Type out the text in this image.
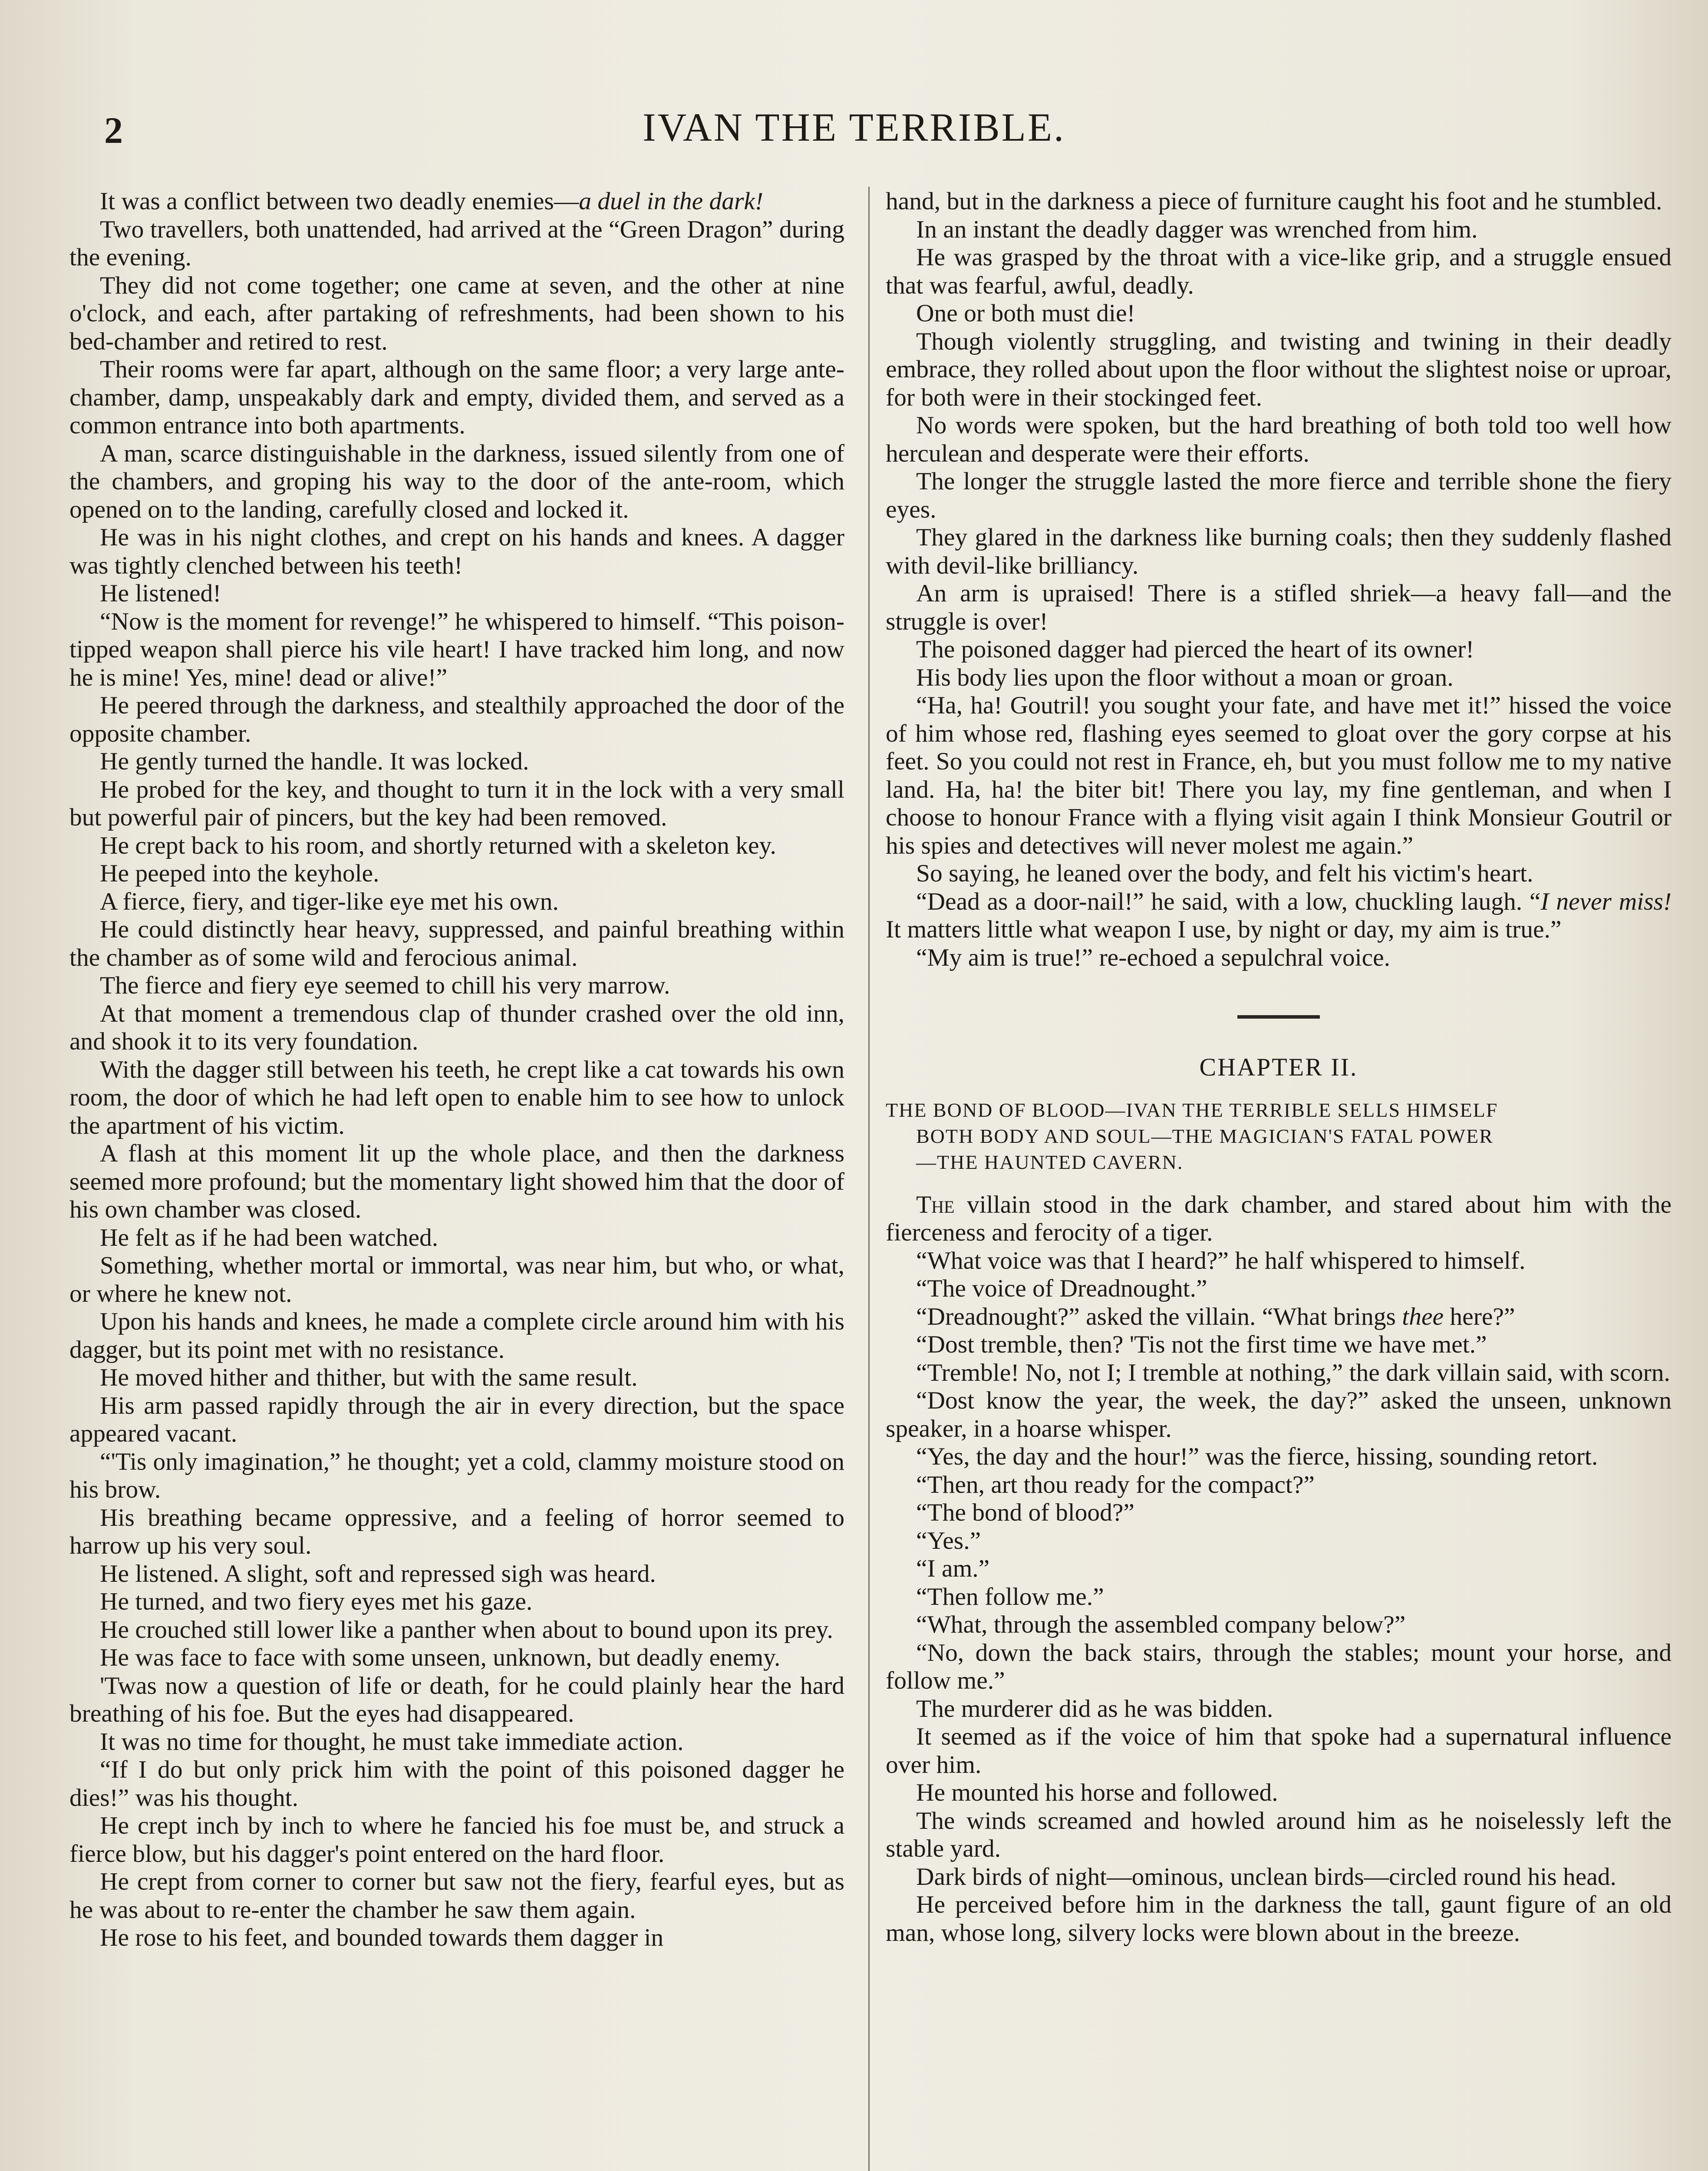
2	IVAN THE TERRIBLE.

It was a conflict between two deadly enemies—a duel in the dark!

Two travellers, both unattended, had arrived at the “Green Dragon” during the evening.

They did not come together; one came at seven, and the other at nine o'clock, and each, after partaking of refreshments, had been shown to his bed-chamber and retired to rest.

Their rooms were far apart, although on the same floor; a very large ante-chamber, damp, unspeakably dark and empty, divided them, and served as a common entrance into both apartments.

A man, scarce distinguishable in the darkness, issued silently from one of the chambers, and groping his way to the door of the ante-room, which opened on to the landing, carefully closed and locked it.

He was in his night clothes, and crept on his hands and knees. A dagger was tightly clenched between his teeth!

He listened!

“Now is the moment for revenge!” he whispered to himself. “This poison-tipped weapon shall pierce his vile heart! I have tracked him long, and now he is mine! Yes, mine! dead or alive!”

He peered through the darkness, and stealthily approached the door of the opposite chamber.

He gently turned the handle. It was locked.

He probed for the key, and thought to turn it in the lock with a very small but powerful pair of pincers, but the key had been removed.

He crept back to his room, and shortly returned with a skeleton key.

He peeped into the keyhole.

A fierce, fiery, and tiger-like eye met his own.

He could distinctly hear heavy, suppressed, and painful breathing within the chamber as of some wild and ferocious animal.

The fierce and fiery eye seemed to chill his very marrow.

At that moment a tremendous clap of thunder crashed over the old inn, and shook it to its very foundation.

With the dagger still between his teeth, he crept like a cat towards his own room, the door of which he had left open to enable him to see how to unlock the apartment of his victim.

A flash at this moment lit up the whole place, and then the darkness seemed more profound; but the momentary light showed him that the door of his own chamber was closed.

He felt as if he had been watched.

Something, whether mortal or immortal, was near him, but who, or what, or where he knew not.

Upon his hands and knees, he made a complete circle around him with his dagger, but its point met with no resistance.

He moved hither and thither, but with the same result.

His arm passed rapidly through the air in every direction, but the space appeared vacant.

“'Tis only imagination,” he thought; yet a cold, clammy moisture stood on his brow.

His breathing became oppressive, and a feeling of horror seemed to harrow up his very soul.

He listened. A slight, soft and repressed sigh was heard.

He turned, and two fiery eyes met his gaze.

He crouched still lower like a panther when about to bound upon its prey.

He was face to face with some unseen, unknown, but deadly enemy.

'Twas now a question of life or death, for he could plainly hear the hard breathing of his foe. But the eyes had disappeared.

It was no time for thought, he must take immediate action.

“If I do but only prick him with the point of this poisoned dagger he dies!” was his thought.

He crept inch by inch to where he fancied his foe must be, and struck a fierce blow, but his dagger's point entered on the hard floor.

He crept from corner to corner but saw not the fiery, fearful eyes, but as he was about to re-enter the chamber he saw them again.

He rose to his feet, and bounded towards them dagger in

hand, but in the darkness a piece of furniture caught his foot and he stumbled.

In an instant the deadly dagger was wrenched from him.

He was grasped by the throat with a vice-like grip, and a struggle ensued that was fearful, awful, deadly.

One or both must die!

Though violently struggling, and twisting and twining in their deadly embrace, they rolled about upon the floor without the slightest noise or uproar, for both were in their stockinged feet.

No words were spoken, but the hard breathing of both told too well how herculean and desperate were their efforts.

The longer the struggle lasted the more fierce and terrible shone the fiery eyes.

They glared in the darkness like burning coals; then they suddenly flashed with devil-like brilliancy.

An arm is upraised! There is a stifled shriek—a heavy fall—and the struggle is over!

The poisoned dagger had pierced the heart of its owner!

His body lies upon the floor without a moan or groan.

“Ha, ha! Goutril! you sought your fate, and have met it!” hissed the voice of him whose red, flashing eyes seemed to gloat over the gory corpse at his feet. So you could not rest in France, eh, but you must follow me to my native land. Ha, ha! the biter bit! There you lay, my fine gentleman, and when I choose to honour France with a flying visit again I think Monsieur Goutril or his spies and detectives will never molest me again.”

So saying, he leaned over the body, and felt his victim's heart.

“Dead as a door-nail!” he said, with a low, chuckling laugh. “I never miss! It matters little what weapon I use, by night or day, my aim is true.”

“My aim is true!” re-echoed a sepulchral voice.

CHAPTER II.
THE BOND OF BLOOD—IVAN THE TERRIBLE SELLS HIMSELF
BOTH BODY AND SOUL—THE MAGICIAN'S FATAL POWER
—THE HAUNTED CAVERN.

The villain stood in the dark chamber, and stared about him with the fierceness and ferocity of a tiger.

“What voice was that I heard?” he half whispered to himself.

“The voice of Dreadnought.”

“Dreadnought?” asked the villain. “What brings thee here?”

“Dost tremble, then? 'Tis not the first time we have met.”

“Tremble! No, not I; I tremble at nothing,” the dark villain said, with scorn.

“Dost know the year, the week, the day?” asked the unseen, unknown speaker, in a hoarse whisper.

“Yes, the day and the hour!” was the fierce, hissing, sounding retort.

“Then, art thou ready for the compact?”

“The bond of blood?”

“Yes.”

“I am.”

“Then follow me.”

“What, through the assembled company below?”

“No, down the back stairs, through the stables; mount your horse, and follow me.”

The murderer did as he was bidden.

It seemed as if the voice of him that spoke had a supernatural influence over him.

He mounted his horse and followed.

The winds screamed and howled around him as he noiselessly left the stable yard.

Dark birds of night—ominous, unclean birds—circled round his head.

He perceived before him in the darkness the tall, gaunt figure of an old man, whose long, silvery locks were blown about in the breeze.
